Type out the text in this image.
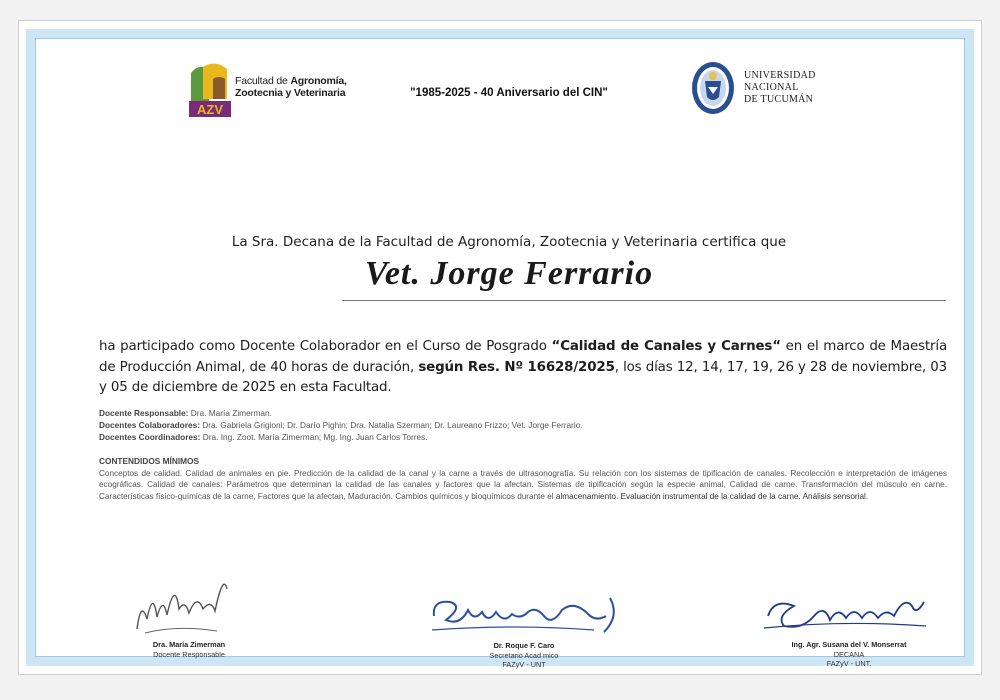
AZV
Facultad de Agronomía,
Zootecnia y Veterinaria	"1985-2025 - 40 Aniversario del CIN"
UNIVERSIDAD
NACIONAL
DE TUCUMÁN
La Sra. Decana de la Facultad de Agronomía, Zootecnia y Veterinaria certifica que
Vet. Jorge Ferrario
ha participado como Docente Colaborador en el Curso de Posgrado “Calidad de Canales y Carnes“ en el marco de Maestría de Producción Animal, de 40 horas de duración, según Res. Nº 16628/2025, los días 12, 14, 17, 19, 26 y 28 de noviembre, 03 y 05 de diciembre de 2025 en esta Facultad.
Docente Responsable: Dra. María Zimerman.
Docentes Colaboradores: Dra. Gabriela Grigioni; Dr. Darío Pighin; Dra. Natalia Szerman; Dr. Laureano Frizzo; Vet. Jorge Ferrario.
Docentes Coordinadores: Dra. Ing. Zoot. María Zimerman; Mg. Ing. Juan Carlos Torres.
CONTENDIDOS MÍNIMOS
Conceptos de calidad. Calidad de animales en pie. Predicción de la calidad de la canal y la carne a través de ultrasonografía. Su relación con los sistemas de tipificación de canales. Recolección e interpretación de imágenes ecográficas. Calidad de canales: Parámetros que determinan la calidad de las canales y factores que la afectan. Sistemas de tipificación según la especie animal, Calidad de carne. Transformación del músculo en carne. Características físico-químicas de la carne, Factores que la afectan, Maduración. Cambios químicos y bioquímicos durante el almacenamiento. Evaluación instrumental de la calidad de la carne. Análisis sensorial.
Dra. María Zimerman
Docente Responsable
Dr. Roque F. Caro
Secretario Acad mico
FAZyV - UNT
Ing. Agr. Susana del V. Monserrat
DECANA
FAZyV - UNT.
